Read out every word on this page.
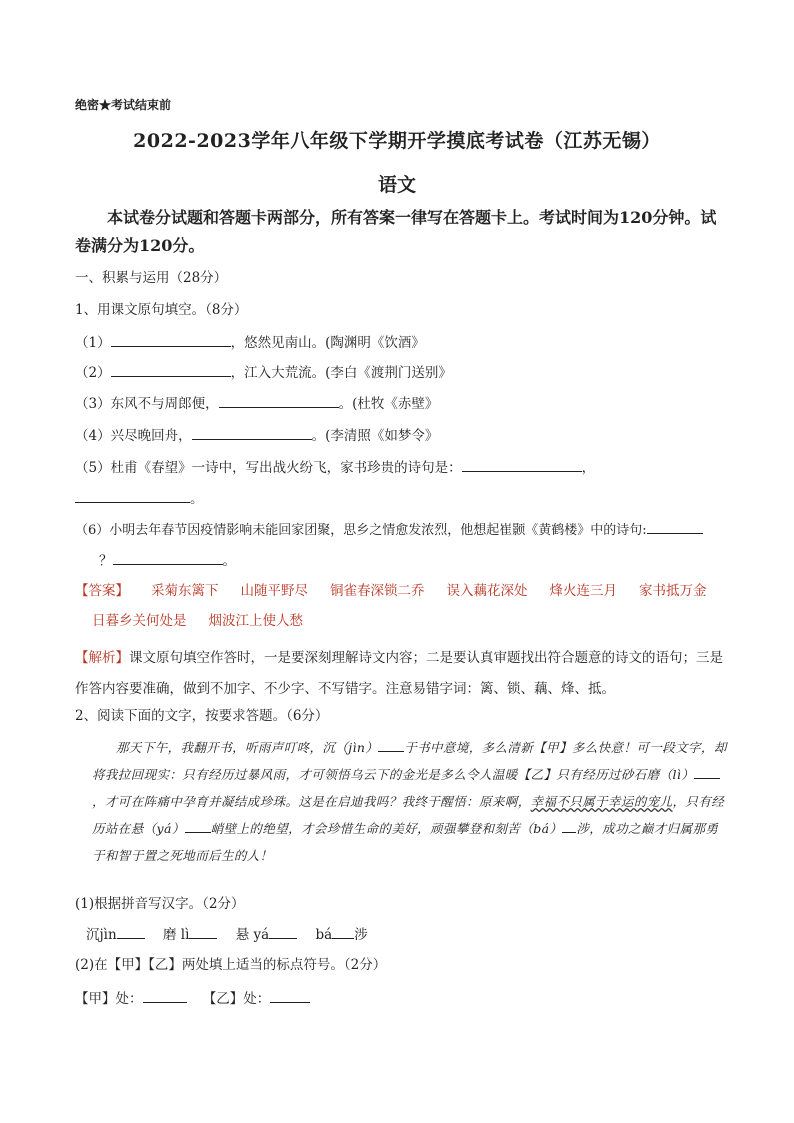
绝密★考试结束前
2022-2023学年八年级下学期开学摸底考试卷（江苏无锡）
语文
本试卷分试题和答题卡两部分，所有答案一律写在答题卡上。考试时间为120分钟。试卷满分为120分。
一、积累与运用（28分）
1、用课文原句填空。（8分）
（1）	，悠然见南山。(陶渊明《饮酒》
（2）	，江入大荒流。(李白《渡荆门送别》
（3）东风不与周郎便，	。(杜牧《赤壁》
（4）兴尽晚回舟，	。(李清照《如梦令》
（5）杜甫《春望》一诗中，写出战火纷飞，家书珍贵的诗句是：	，
。
（6）小明去年春节因疫情影响未能回家团聚，思乡之情愈发浓烈，他想起崔颢《黄鹤楼》中的诗句:
？	。
【答案】 采菊东篱下 山随平野尽 铜雀春深锁二乔 误入藕花深处 烽火连三月 家书抵万金
日暮乡关何处是 烟波江上使人愁
【解析】课文原句填空作答时，一是要深刻理解诗文内容；二是要认真审题找出符合题意的诗文的语句；三是作答内容要准确，做到不加字、不少字、不写错字。注意易错字词：篱、锁、藕、烽、抵。
2、阅读下面的文字，按要求答题。（6分）
那天下午，我翻开书，听雨声叮咚，沉（jìn） 于书中意境，多么清新【甲】多么快意！可一段文字，却将我拉回现实：只有经历过暴风雨，才可领悟乌云下的金光是多么令人温暖【乙】只有经历过砂石磨（lì），才可在阵痛中孕育并凝结成珍珠。这是在启迪我吗？我终于醒悟：原来啊，幸福不只属于幸运的宠儿，只有经历站在悬（yá） 峭壁上的绝望，才会珍惜生命的美好，顽强攀登和刻苦（bá） 涉，成功之巅才归属那勇于和智于置之死地而后生的人！
(1)根据拼音写汉字。（2分）
沉jìn	磨 lì	悬 yá	bá 涉
(2)在【甲】【乙】两处填上适当的标点符号。（2分）
【甲】处：	【乙】处：
